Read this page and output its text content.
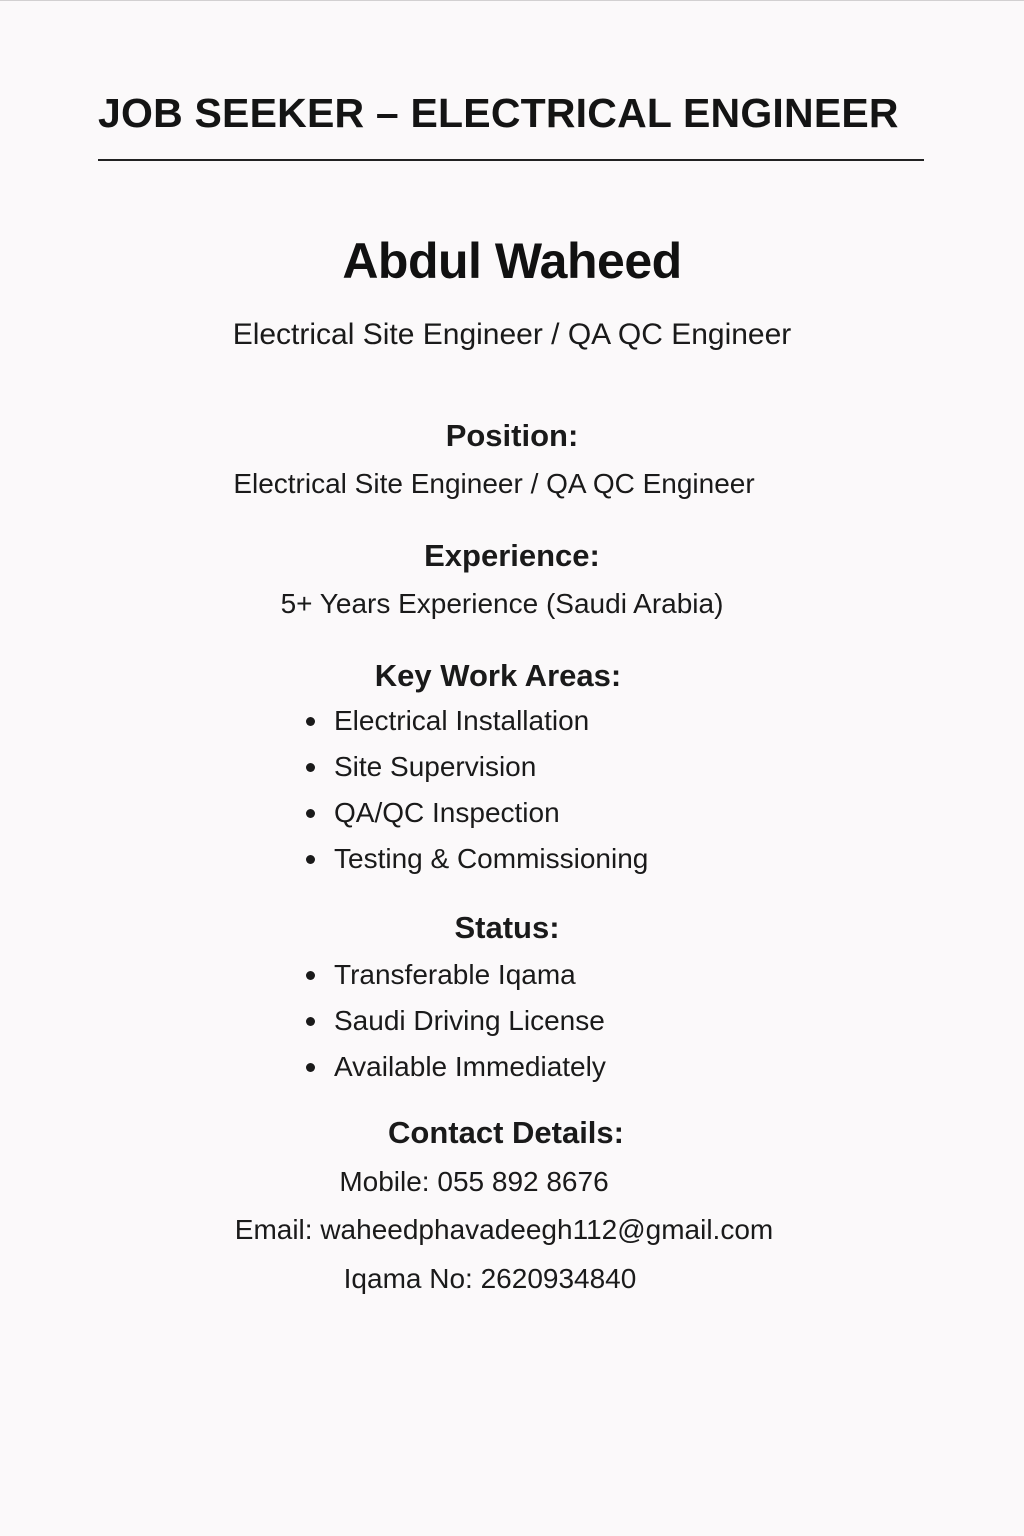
JOB SEEKER – ELECTRICAL ENGINEER
Abdul Waheed
Electrical Site Engineer / QA QC Engineer
Position:
Electrical Site Engineer / QA QC Engineer
Experience:
5+ Years Experience (Saudi Arabia)
Key Work Areas:
Electrical Installation
Site Supervision
QA/QC Inspection
Testing & Commissioning
Status:
Transferable Iqama
Saudi Driving License
Available Immediately
Contact Details:
Mobile: 055 892 8676
Email: waheedphavadeegh112@gmail.com
Iqama No: 2620934840
